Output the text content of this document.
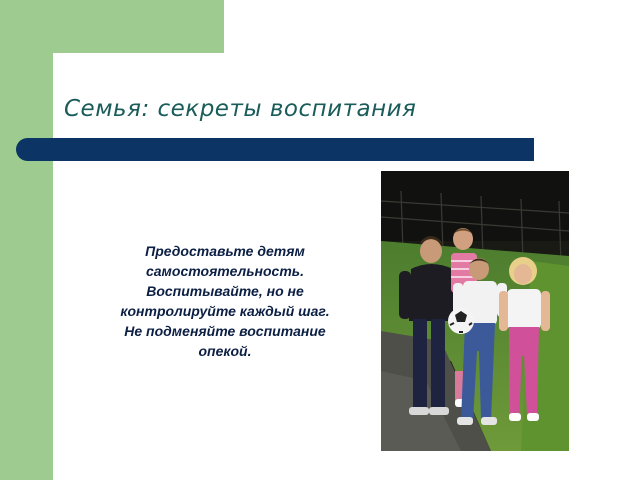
Семья: секреты воспитания
Предоставьте детям самостоятельность. Воспитывайте, но не контролируйте каждый шаг. Не подменяйте воспитание опекой.
